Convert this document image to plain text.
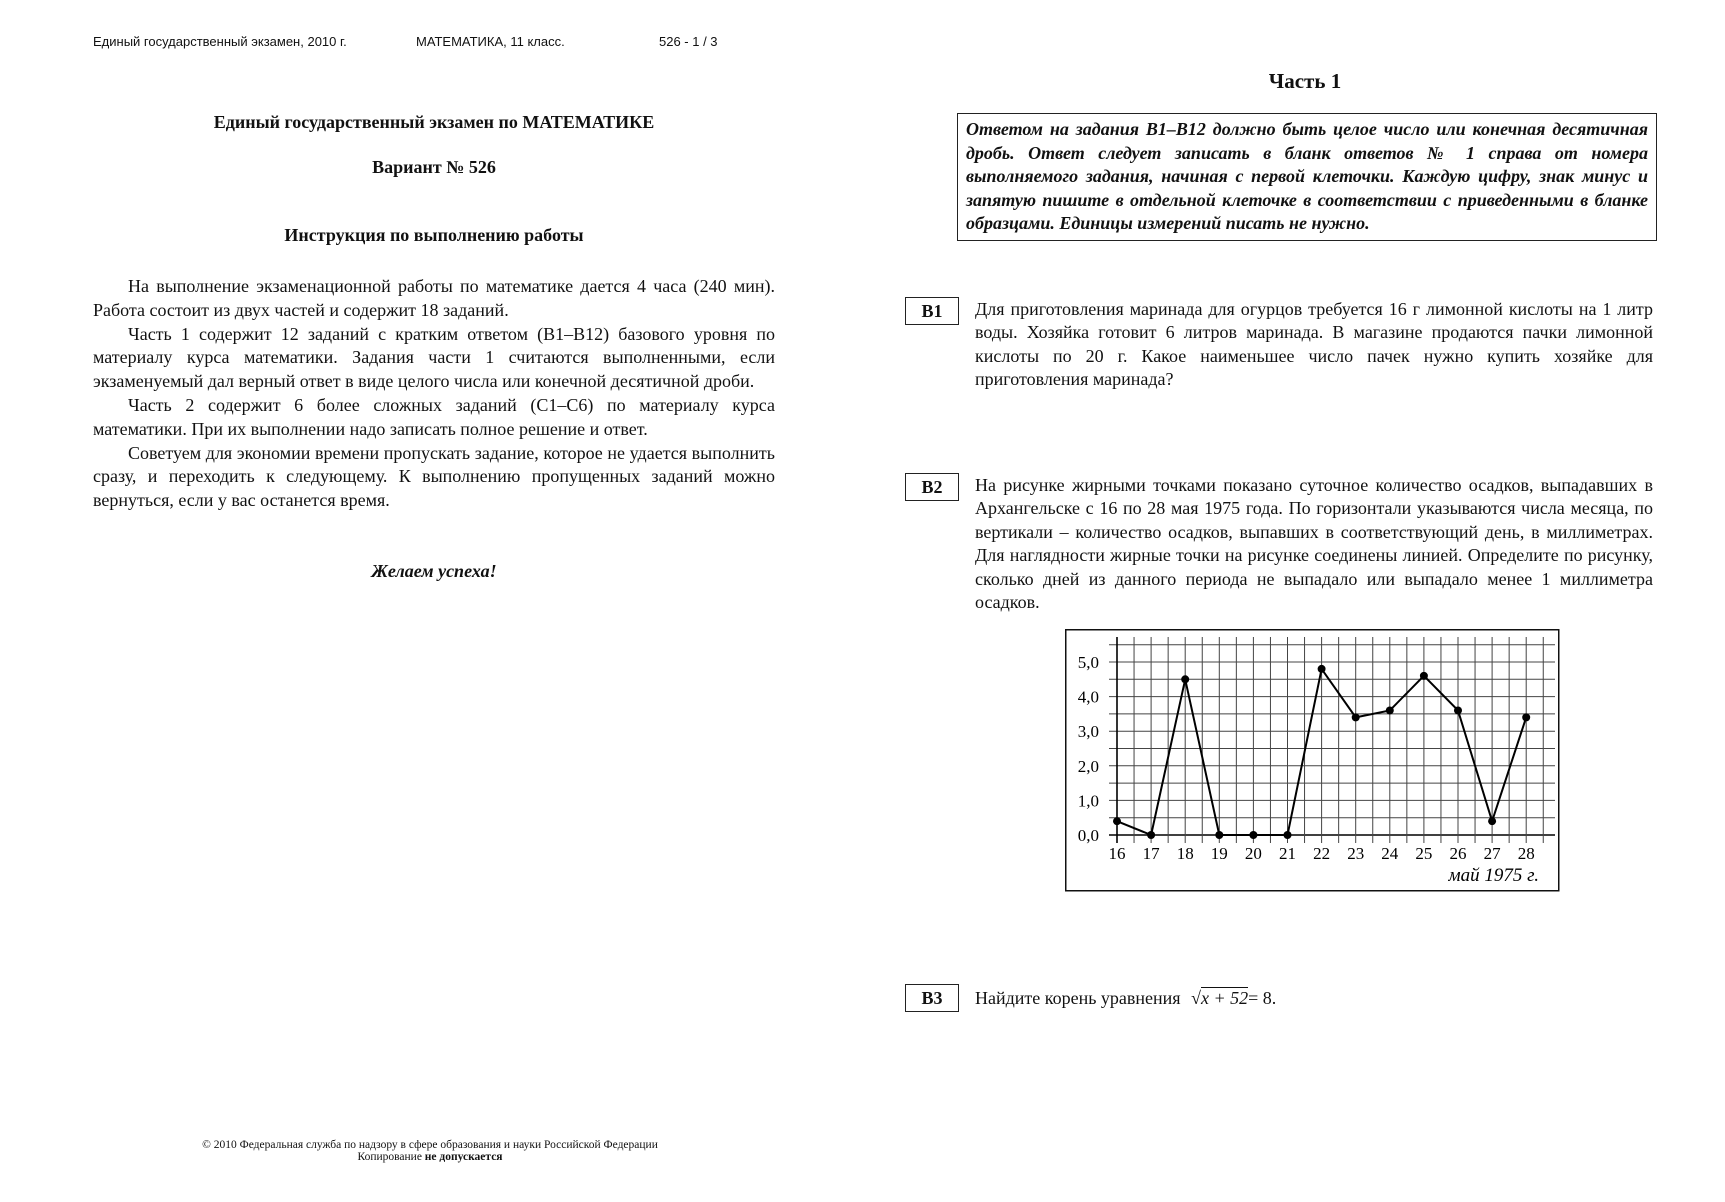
Единый государственный экзамен, 2010 г.	МАТЕМАТИКА, 11 класс.	526 - 1 / 3
Единый государственный экзамен по МАТЕМАТИКЕ
Вариант № 526
Инструкция по выполнению работы

На выполнение экзаменационной работы по математике дается 4 часа (240 мин). Работа состоит из двух частей и содержит 18 заданий.

Часть 1 содержит 12 заданий с кратким ответом (B1–B12) базового уровня по материалу курса математики. Задания части 1 считаются выполненными, если экзаменуемый дал верный ответ в виде целого числа или конечной десятичной дроби.

Часть 2 содержит 6 более сложных заданий (C1–C6) по материалу курса математики. При их выполнении надо записать полное решение и ответ.

Советуем для экономии времени пропускать задание, которое не удается выполнить сразу, и переходить к следующему. К выполнению пропущенных заданий можно вернуться, если у вас останется время.

Желаем успеха!
© 2010 Федеральная служба по надзору в сфере образования и науки Российской Федерации
Копирование не допускается
Часть 1
Ответом на задания B1–B12 должно быть целое число или конечная десятичная дробь. Ответ следует записать в бланк ответов № 1 справа от номера выполняемого задания, начиная с первой клеточки. Каждую цифру, знак минус и запятую пишите в отдельной клеточке в соответствии с приведенными в бланке образцами. Единицы измерений писать не нужно.
B1	Для приготовления маринада для огурцов требуется 16 г лимонной кислоты на 1 литр воды. Хозяйка готовит 6 литров маринада. В магазине продаются пачки лимонной кислоты по 20 г. Какое наименьшее число пачек нужно купить хозяйке для приготовления маринада?
B2	На рисунке жирными точками показано суточное количество осадков, выпадавших в Архангельске с 16 по 28 мая 1975 года. По горизонтали указываются числа месяца, по вертикали – количество осадков, выпавших в соответствующий день, в миллиметрах. Для наглядности жирные точки на рисунке соединены линией. Определите по рисунку, сколько дней из данного периода не выпадало или выпадало менее 1 миллиметра осадков.
0,0
1,0
2,0
3,0
4,0
5,0
16 17 18 19 20 21 22 23 24 25 26 27 28
май 1975 г.
B3	Найдите корень уравнения √x + 52= 8.
